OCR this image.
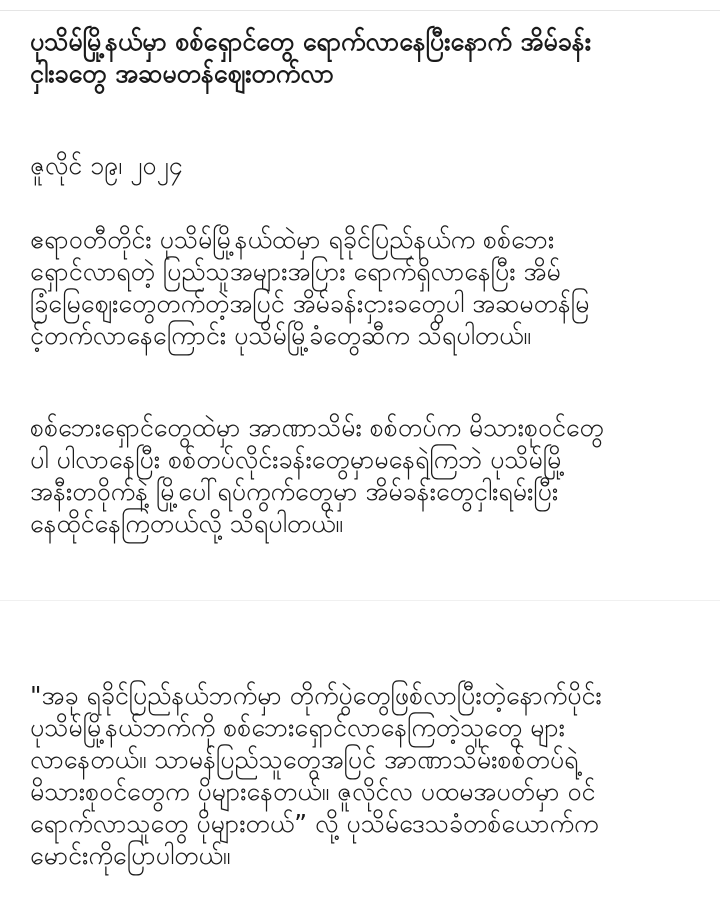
ပုသိမ်မြို့နယ်မှာ စစ်ရှောင်တွေ ရောက်လာနေပြီးနောက် အိမ်ခန်း
ငှါးခတွေ အဆမတန်ဈေးတက်လာ

ဇူလိုင် ၁၉၊ ၂၀၂၄

ဧရာဝတီတိုင်း ပုသိမ်မြို့နယ်ထဲမှာ ရခိုင်ပြည်နယ်က စစ်ဘေး
ရှောင်လာရတဲ့ ပြည်သူအများအပြား ရောက်ရှိလာနေပြီး အိမ်
ခြံမြေဈေးတွေတက်တဲ့အပြင် အိမ်ခန်းငှားခတွေပါ အဆမတန်မြ
င့်တက်လာနေကြောင်း ပုသိမ်မြို့ခံတွေဆီက သိရပါတယ်။

စစ်ဘေးရှောင်တွေထဲမှာ အာဏာသိမ်း စစ်တပ်က မိသားစုဝင်တွေ
ပါ ပါလာနေပြီး စစ်တပ်လိုင်းခန်းတွေမှာမနေရဲကြဘဲ ပုသိမ်မြို့
အနီးတဝိုက်နဲ့ မြို့ပေါ်ရပ်ကွက်တွေမှာ အိမ်ခန်းတွေငှါးရမ်းပြီး
နေထိုင်နေကြတယ်လို့ သိရပါတယ်။

"အခု ရခိုင်ပြည်နယ်ဘက်မှာ တိုက်ပွဲတွေဖြစ်လာပြီးတဲ့နောက်ပိုင်း
ပုသိမ်မြို့နယ်ဘက်ကို စစ်ဘေးရှောင်လာနေကြတဲ့သူတွေ များ
လာနေတယ်။ သာမန်ပြည်သူတွေအပြင် အာဏာသိမ်းစစ်တပ်ရဲ့
မိသားစုဝင်တွေက ပိုများနေတယ်။ ဇူလိုင်လ ပထမအပတ်မှာ ဝင်
ရောက်လာသူတွေ ပိုများတယ်” လို့ ပုသိမ်ဒေသခံတစ်ယောက်က
မောင်းကိုပြောပါတယ်။
